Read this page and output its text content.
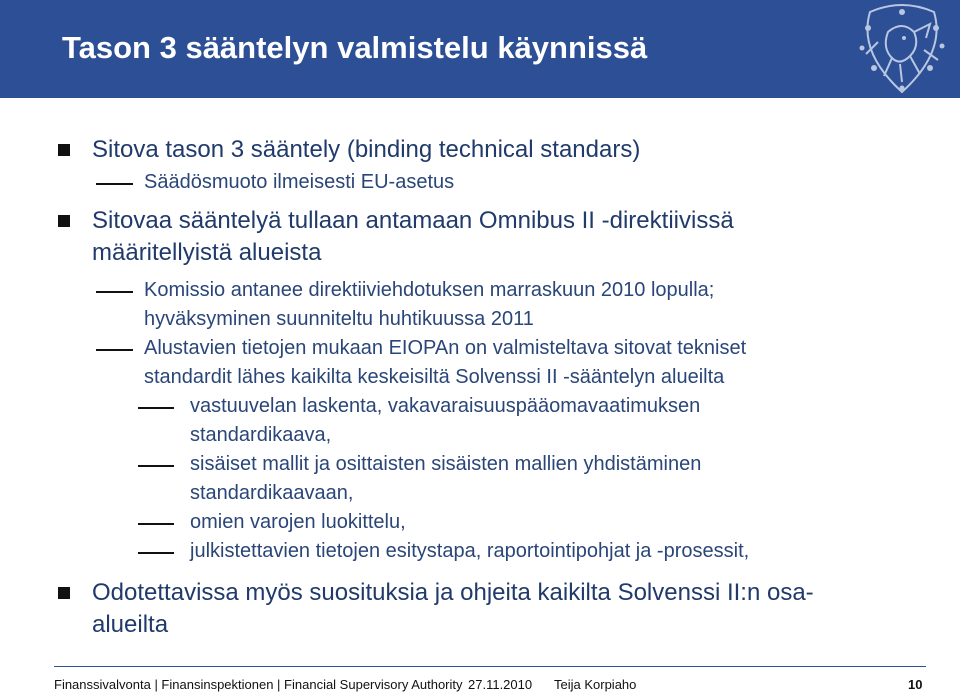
Tason 3 sääntelyn valmistelu käynnissä
Sitova tason 3 sääntely (binding technical standars)
Säädösmuoto ilmeisesti EU-asetus
Sitovaa sääntelyä tullaan antamaan Omnibus II -direktiivissä
määritellyistä alueista
Komissio antanee direktiiviehdotuksen marraskuun 2010 lopulla;
hyväksyminen suunniteltu huhtikuussa 2011
Alustavien tietojen mukaan EIOPAn on valmisteltava sitovat tekniset
standardit lähes kaikilta keskeisiltä Solvenssi II -sääntelyn alueilta
vastuuvelan laskenta, vakavaraisuuspääomavaatimuksen
standardikaava,
sisäiset mallit ja osittaisten sisäisten mallien yhdistäminen
standardikaavaan,
omien varojen luokittelu,
julkistettavien tietojen esitystapa, raportointipohjat ja -prosessit,
Odotettavissa myös suosituksia ja ohjeita kaikilta Solvenssi II:n osa-
alueilta
Finanssivalvonta | Finansinspektionen | Financial Supervisory Authority 27.11.2010 Teija Korpiaho	10
